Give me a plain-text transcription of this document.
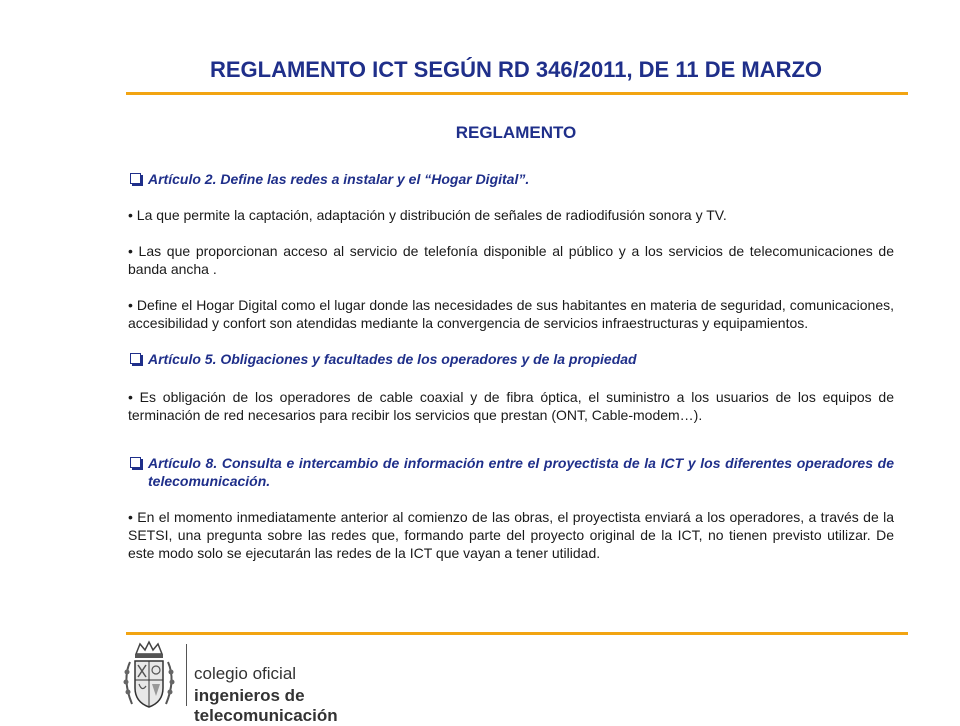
REGLAMENTO ICT SEGÚN RD 346/2011, DE 11 DE MARZO
REGLAMENTO

Artículo 2. Define las redes a instalar y el “Hogar Digital”.

• La que permite la captación, adaptación y distribución de señales de radiodifusión sonora y TV.

• Las que proporcionan acceso al servicio de telefonía disponible al público y a los servicios de telecomunicaciones de banda ancha .

• Define el Hogar Digital como el lugar donde las necesidades de sus habitantes en materia de seguridad, comunicaciones, accesibilidad y confort son atendidas mediante la convergencia de servicios infraestructuras y equipamientos.

Artículo 5. Obligaciones y facultades de los operadores y de la propiedad

• Es obligación de los operadores de cable coaxial y de fibra óptica, el suministro a los usuarios de los equipos de terminación de red necesarios para recibir los servicios que prestan (ONT, Cable-modem…).

Artículo 8. Consulta e intercambio de información entre el proyectista de la ICT y los diferentes operadores de telecomunicación.

• En el momento inmediatamente anterior al comienzo de las obras, el proyectista enviará a los operadores, a través de la SETSI, una pregunta sobre las redes que, formando parte del proyecto original de la ICT, no tienen previsto utilizar. De este modo solo se ejecutarán las redes de la ICT que vayan a tener utilidad.

colegio oficial
ingenieros de telecomunicación
